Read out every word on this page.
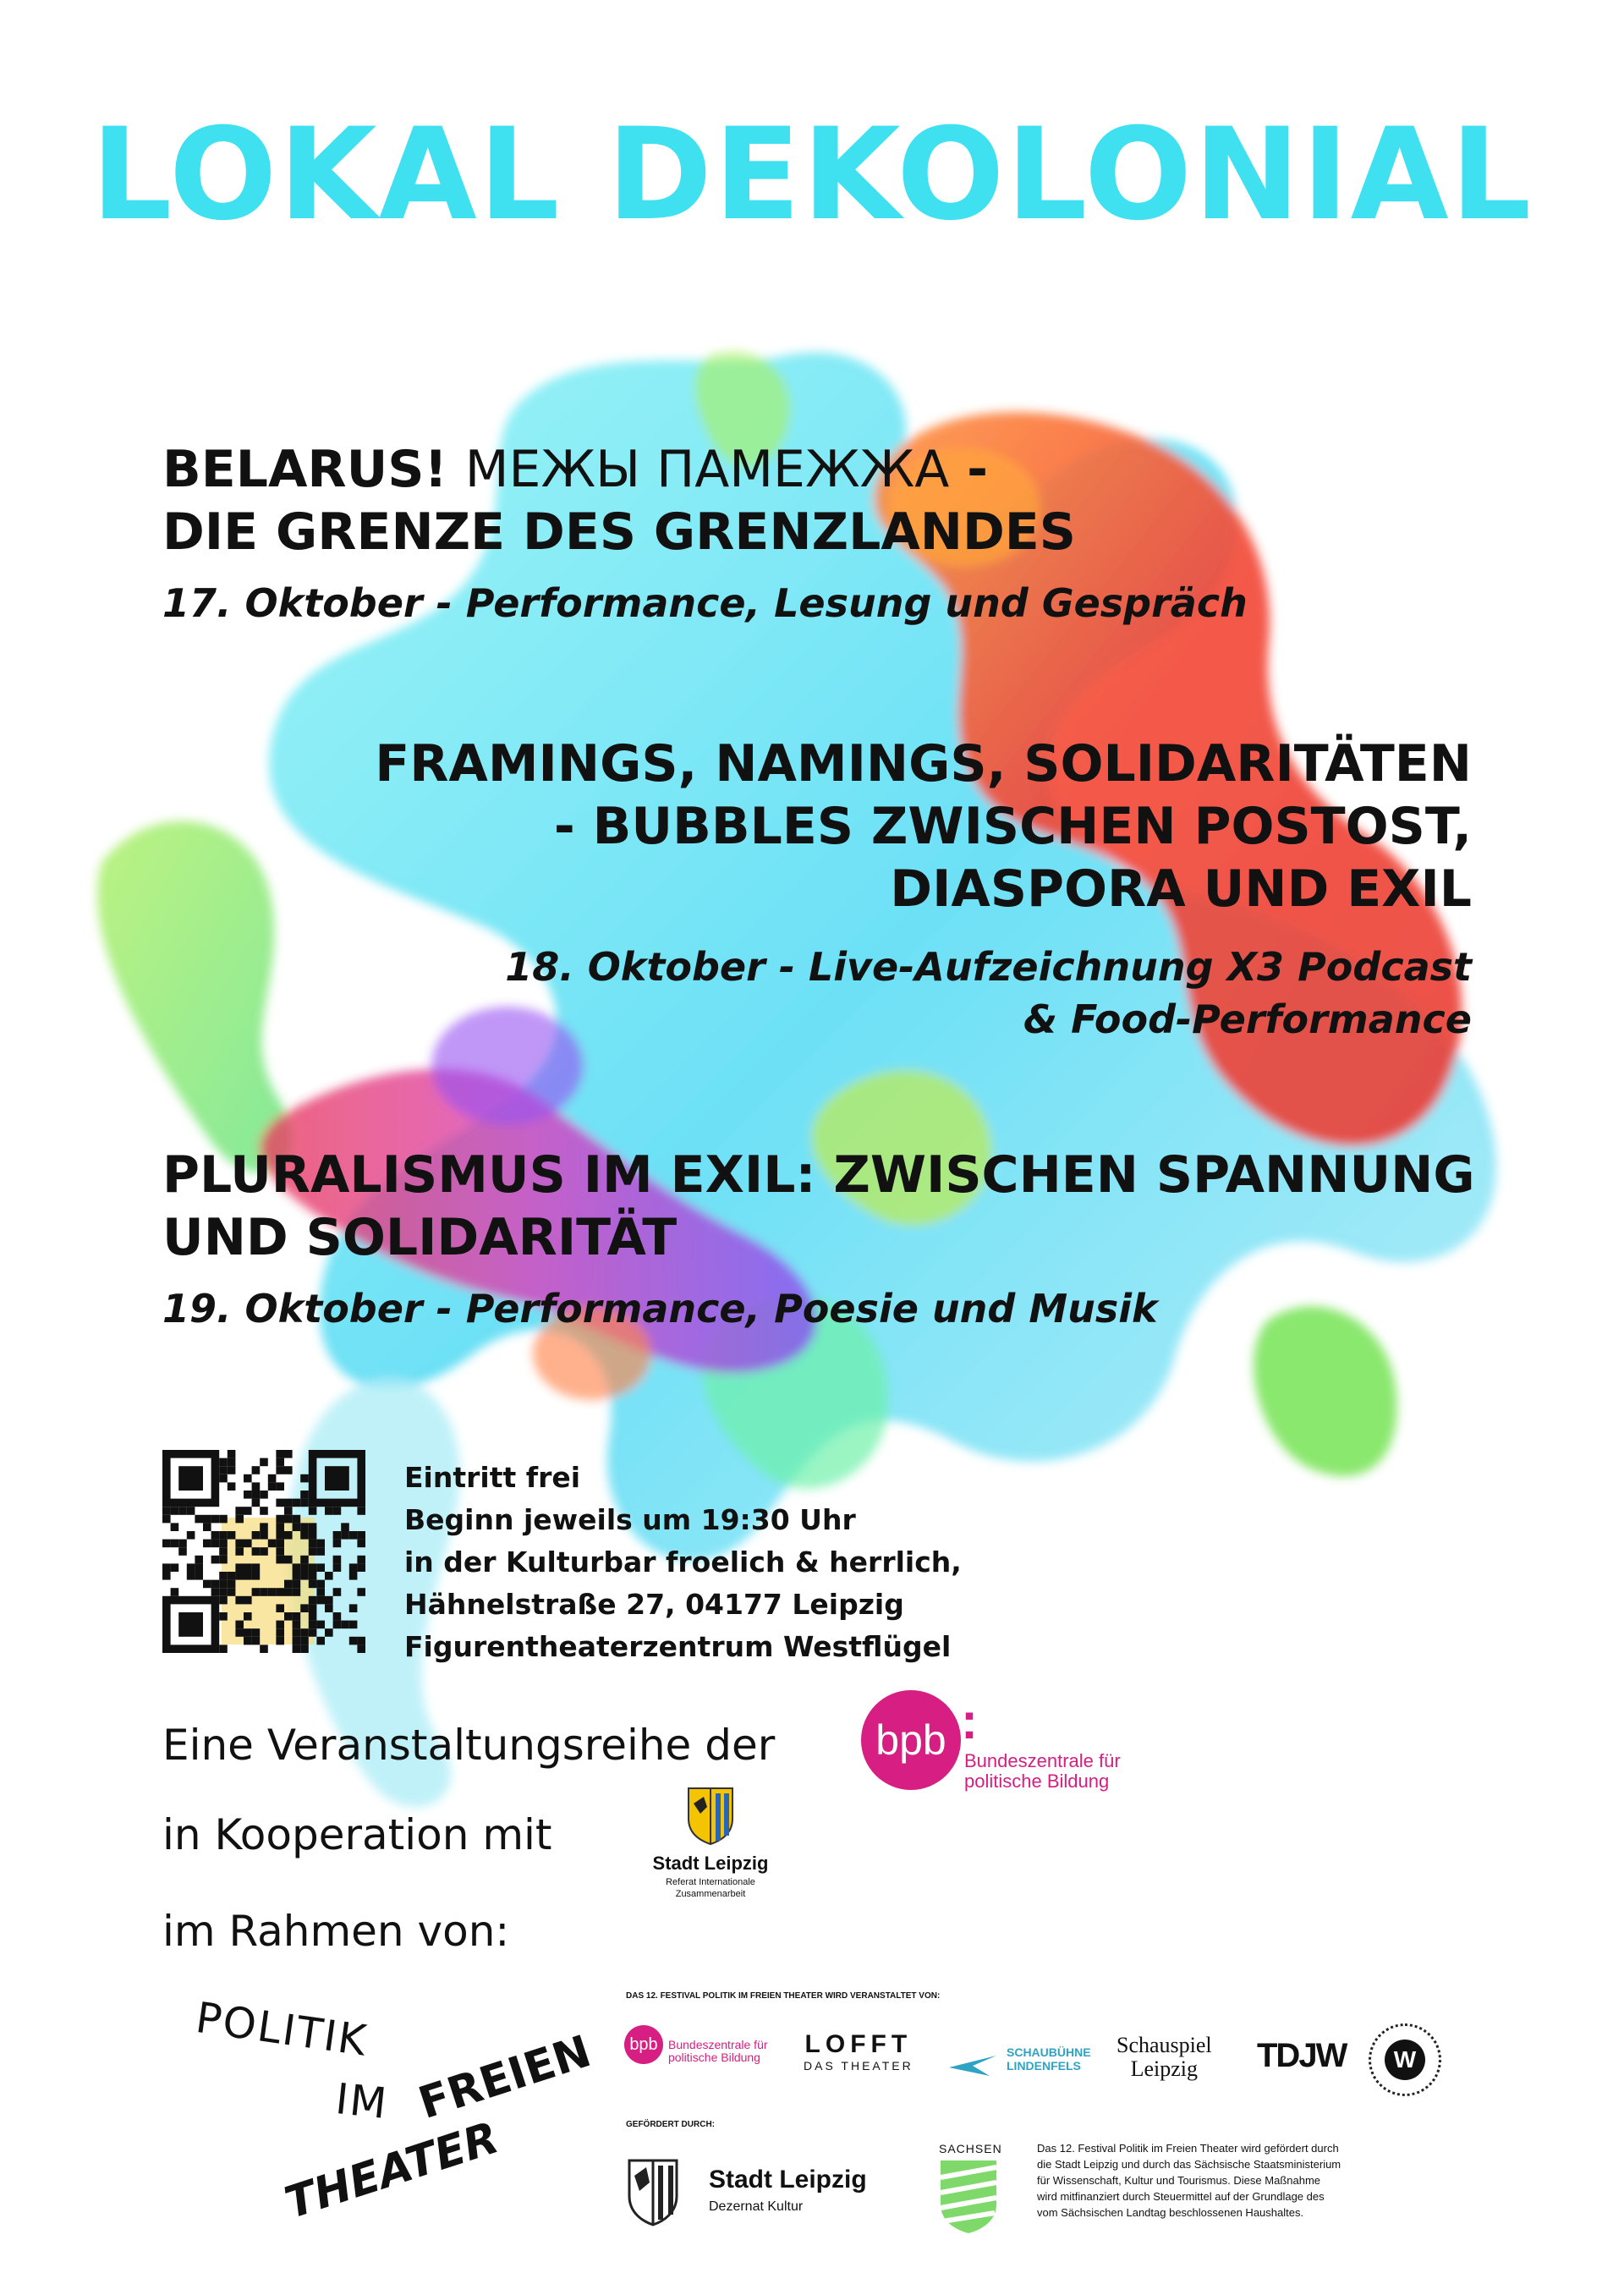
LOKAL DEKOLONIAL
BELARUS! МЕЖЫ ПАМЕЖЖА -
DIE GRENZE DES GRENZLANDES
17. Oktober - Performance, Lesung und Gespräch
FRAMINGS, NAMINGS, SOLIDARITÄTEN
- BUBBLES ZWISCHEN POSTOST,
DIASPORA UND EXIL
18. Oktober - Live-Aufzeichnung X3 Podcast
& Food-Performance
PLURALISMUS IM EXIL: ZWISCHEN SPANNUNG
UND SOLIDARITÄT
19. Oktober - Performance, Poesie und Musik
Eintritt frei
Beginn jeweils um 19:30 Uhr
in der Kulturbar froelich & herrlich,
Hähnelstraße 27, 04177 Leipzig
Figurentheaterzentrum Westflügel
Eine Veranstaltungsreihe der
in Kooperation mit
im Rahmen von:
bpb :
Bundeszentrale für
politische Bildung
Stadt Leipzig
Referat Internationale
Zusammenarbeit
POLITIK
IM FREIEN
THEATER
DAS 12. FESTIVAL POLITIK IM FREIEN THEATER WIRD VERANSTALTET VON:
bpb Bundeszentrale für
politische Bildung LOFFT
DAS THEATER
SCHAUBÜHNE
LINDENFELS
Schauspiel
Leipzig	TDJW	W
GEFÖRDERT DURCH:
Stadt Leipzig
Dezernat Kultur
SACHSEN	Das 12. Festival Politik im Freien Theater wird gefördert durch
die Stadt Leipzig und durch das Sächsische Staatsministerium
für Wissenschaft, Kultur und Tourismus. Diese Maßnahme
wird mitfinanziert durch Steuermittel auf der Grundlage des
vom Sächsischen Landtag beschlossenen Haushaltes.
